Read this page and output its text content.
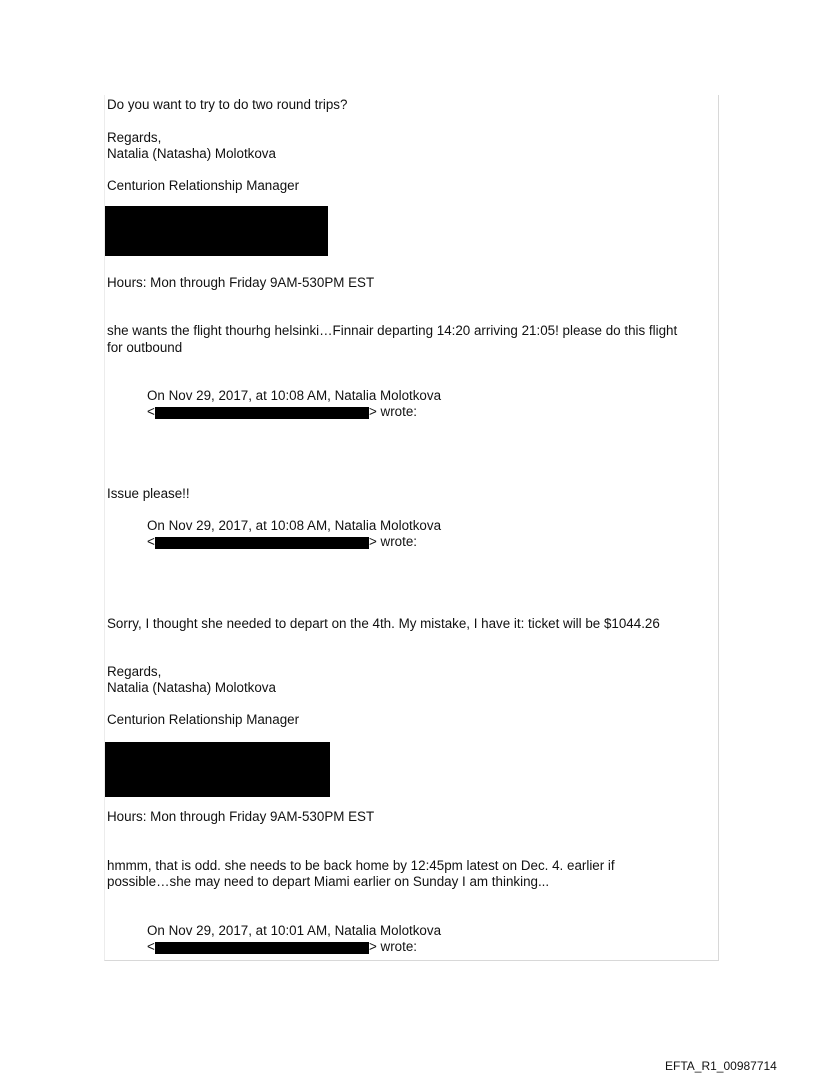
Do you want to try to do two round trips?
Regards,
Natalia (Natasha) Molotkova
Centurion Relationship Manager
Hours: Mon through Friday 9AM-530PM EST
she wants the flight thourhg helsinki…Finnair departing 14:20 arriving 21:05! please do this flight
for outbound
On Nov 29, 2017, at 10:08 AM, Natalia Molotkova
<	> wrote:
Issue please!!
On Nov 29, 2017, at 10:08 AM, Natalia Molotkova
<	> wrote:
Sorry, I thought she needed to depart on the 4th. My mistake, I have it: ticket will be $1044.26
Regards,
Natalia (Natasha) Molotkova
Centurion Relationship Manager
Hours: Mon through Friday 9AM-530PM EST
hmmm, that is odd. she needs to be back home by 12:45pm latest on Dec. 4. earlier if
possible…she may need to depart Miami earlier on Sunday I am thinking...
On Nov 29, 2017, at 10:01 AM, Natalia Molotkova
<	> wrote:
EFTA_R1_00987714
